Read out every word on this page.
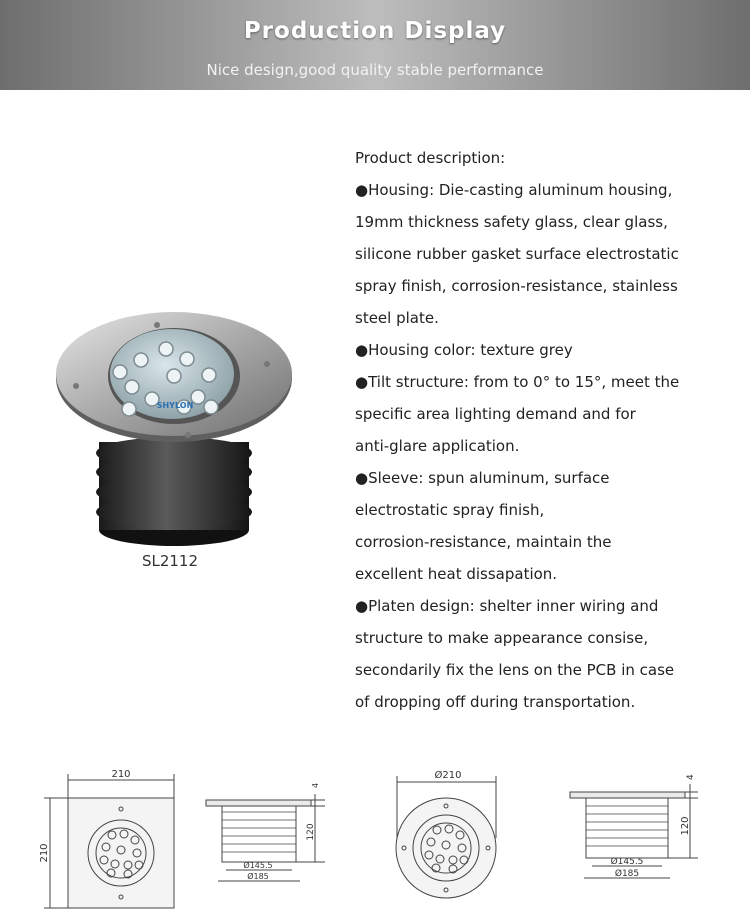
Production Display
Nice design,good quality stable performance
SHYLON
SL2112
Product description:
●Housing: Die-casting aluminum housing,
19mm thickness safety glass, clear glass,
silicone rubber gasket surface electrostatic
spray finish, corrosion-resistance, stainless
steel plate.
●Housing color: texture grey
●Tilt structure: from to 0° to 15°, meet the
specific area lighting demand and for
anti-glare application.
●Sleeve: spun aluminum, surface
electrostatic spray finish,
corrosion-resistance, maintain the
excellent heat dissapation.
●Platen design: shelter inner wiring and
structure to make appearance consise,
secondarily fix the lens on the PCB in case
of dropping off during transportation.
210
210
4
120
Ø145.5
Ø185
Ø210	4
120
Ø145.5
Ø185
